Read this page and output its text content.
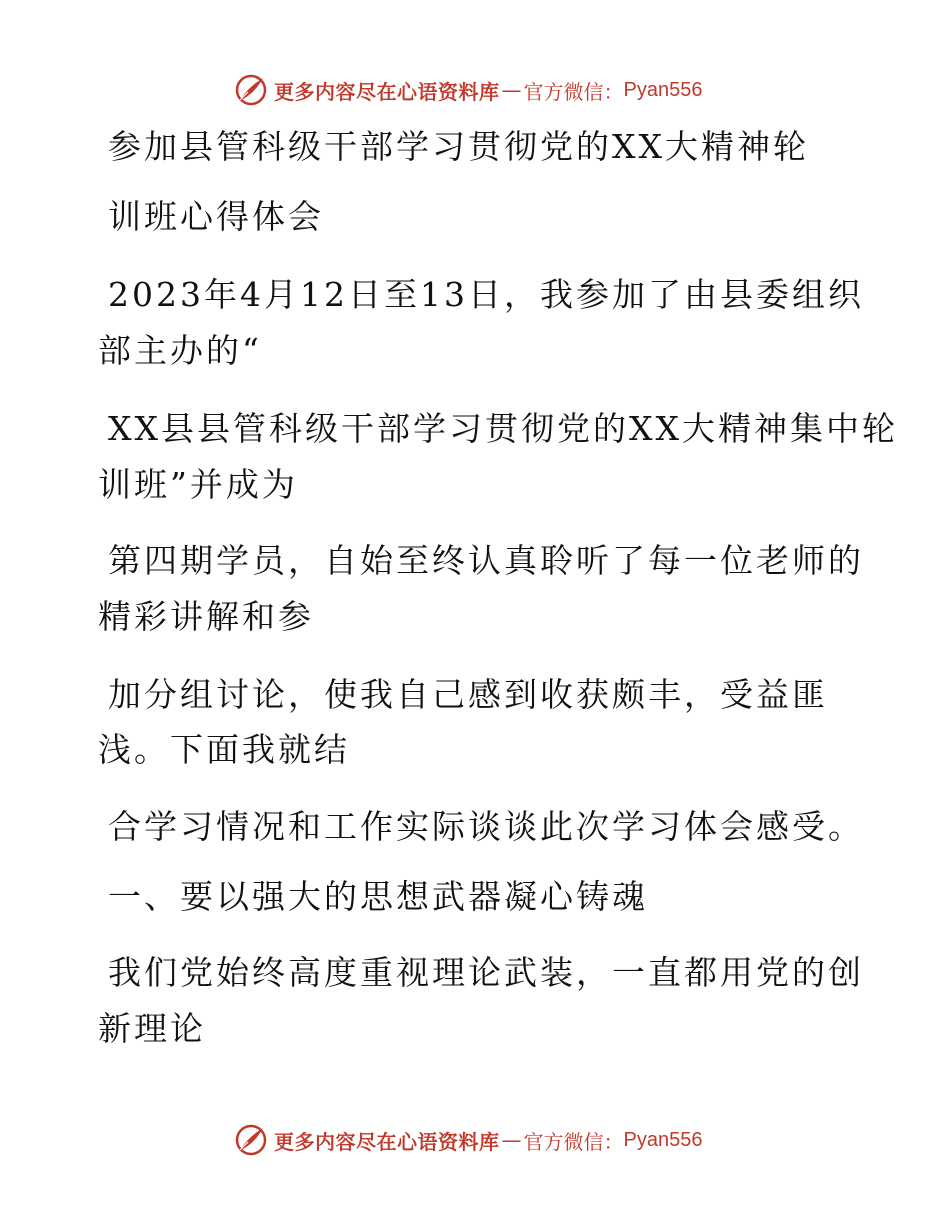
更多内容尽在心语资料库 — 官方微信： Pyan556

参加县管科级干部学习贯彻党的XX大精神轮

训班心得体会

2023年4月12日至13日，我参加了由县委组织

部主办的“

XX县县管科级干部学习贯彻党的XX大精神集中轮

训班”并成为

第四期学员，自始至终认真聆听了每一位老师的

精彩讲解和参

加分组讨论，使我自己感到收获颇丰，受益匪

浅。下面我就结

合学习情况和工作实际谈谈此次学习体会感受。

一、要以强大的思想武器凝心铸魂

我们党始终高度重视理论武装，一直都用党的创

新理论

更多内容尽在心语资料库 — 官方微信： Pyan556
